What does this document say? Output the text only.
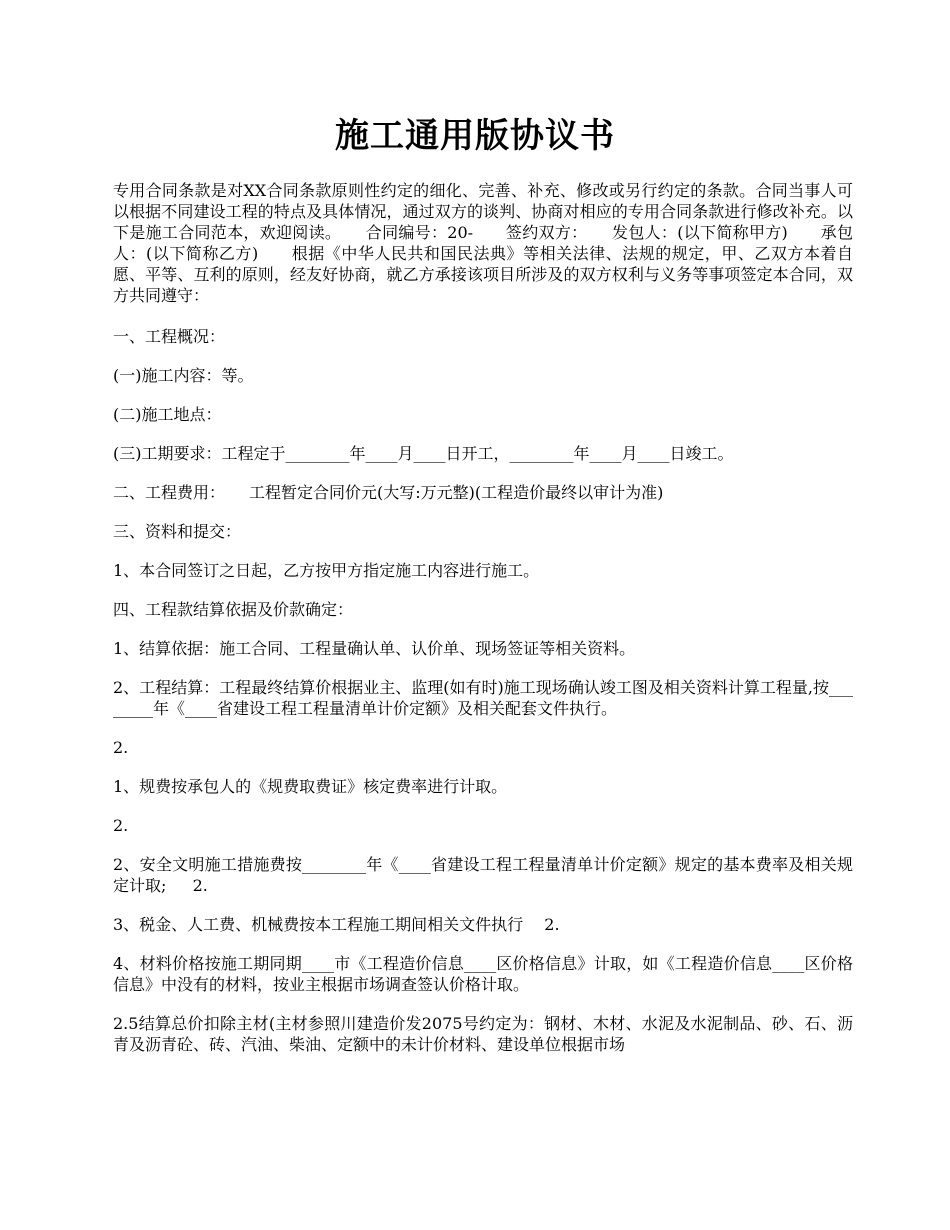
施工通用版协议书

专用合同条款是对XX合同条款原则性约定的细化、完善、补充、修改或另行约定的条款。合同当事人可以根据不同建设工程的特点及具体情况，通过双方的谈判、协商对相应的专用合同条款进行修改补充。以下是施工合同范本，欢迎阅读。　　合同编号：20-　　签约双方：　　发包人：(以下简称甲方)　　承包人：(以下简称乙方)　　根据《中华人民共和国民法典》等相关法律、法规的规定，甲、乙双方本着自愿、平等、互利的原则，经友好协商，就乙方承接该项目所涉及的双方权利与义务等事项签定本合同，双方共同遵守：

一、工程概况：

(一)施工内容：等。

(二)施工地点：

(三)工期要求：工程定于________年____月____日开工，________年____月____日竣工。

二、工程费用：　　工程暂定合同价元(大写:万元整)(工程造价最终以审计为准)

三、资料和提交：

1、本合同签订之日起，乙方按甲方指定施工内容进行施工。

四、工程款结算依据及价款确定：

1、结算依据：施工合同、工程量确认单、认价单、现场签证等相关资料。

2、工程结算：工程最终结算价根据业主、监理(如有时)施工现场确认竣工图及相关资料计算工程量,按________年《____省建设工程工程量清单计价定额》及相关配套文件执行。

2.

1、规费按承包人的《规费取费证》核定费率进行计取。

2.

2、安全文明施工措施费按________年《____省建设工程工程量清单计价定额》规定的基本费率及相关规定计取;　  2.

3、税金、人工费、机械费按本工程施工期间相关文件执行　 2.

4、材料价格按施工期同期____市《工程造价信息____区价格信息》计取，如《工程造价信息____区价格信息》中没有的材料，按业主根据市场调查签认价格计取。

2.5结算总价扣除主材(主材参照川建造价发2075号约定为：钢材、木材、水泥及水泥制品、砂、石、沥青及沥青砼、砖、汽油、柴油、定额中的未计价材料、建设单位根据市场
